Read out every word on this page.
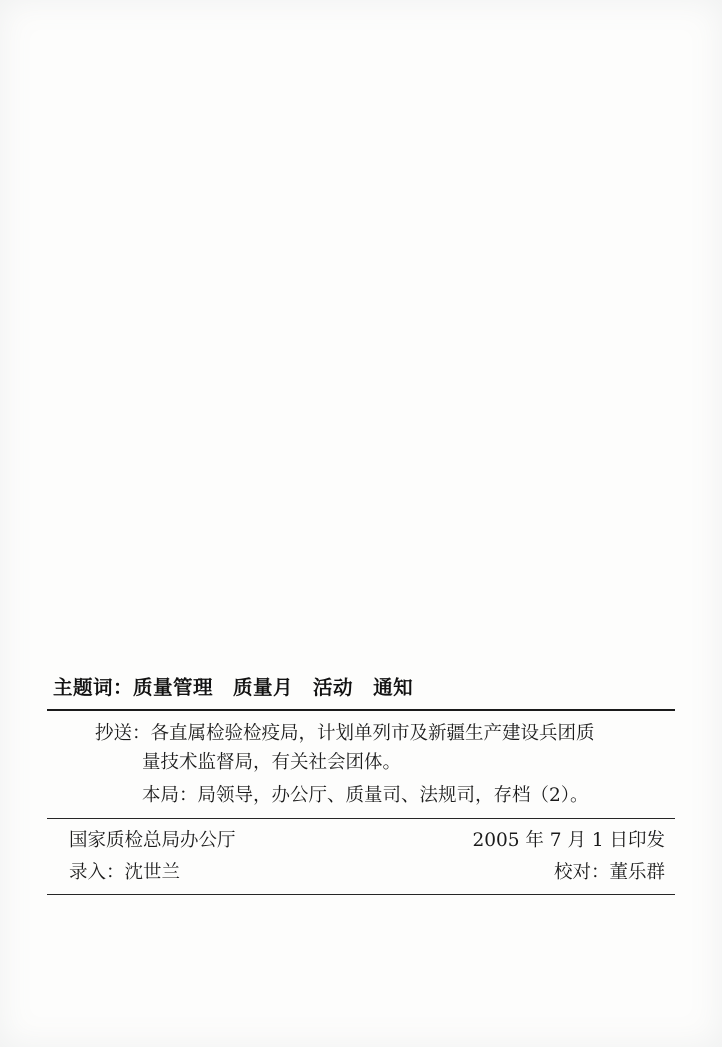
主题词： 质量管理 质量月 活动 通知
抄送： 各直属检验检疫局，计划单列市及新疆生产建设兵团质
量技术监督局，有关社会团体。
本局：局领导，办公厅、质量司、法规司，存档（2）。
国家质检总局办公厅	2005 年 7 月 1 日印发
录入：沈世兰	校对：董乐群
